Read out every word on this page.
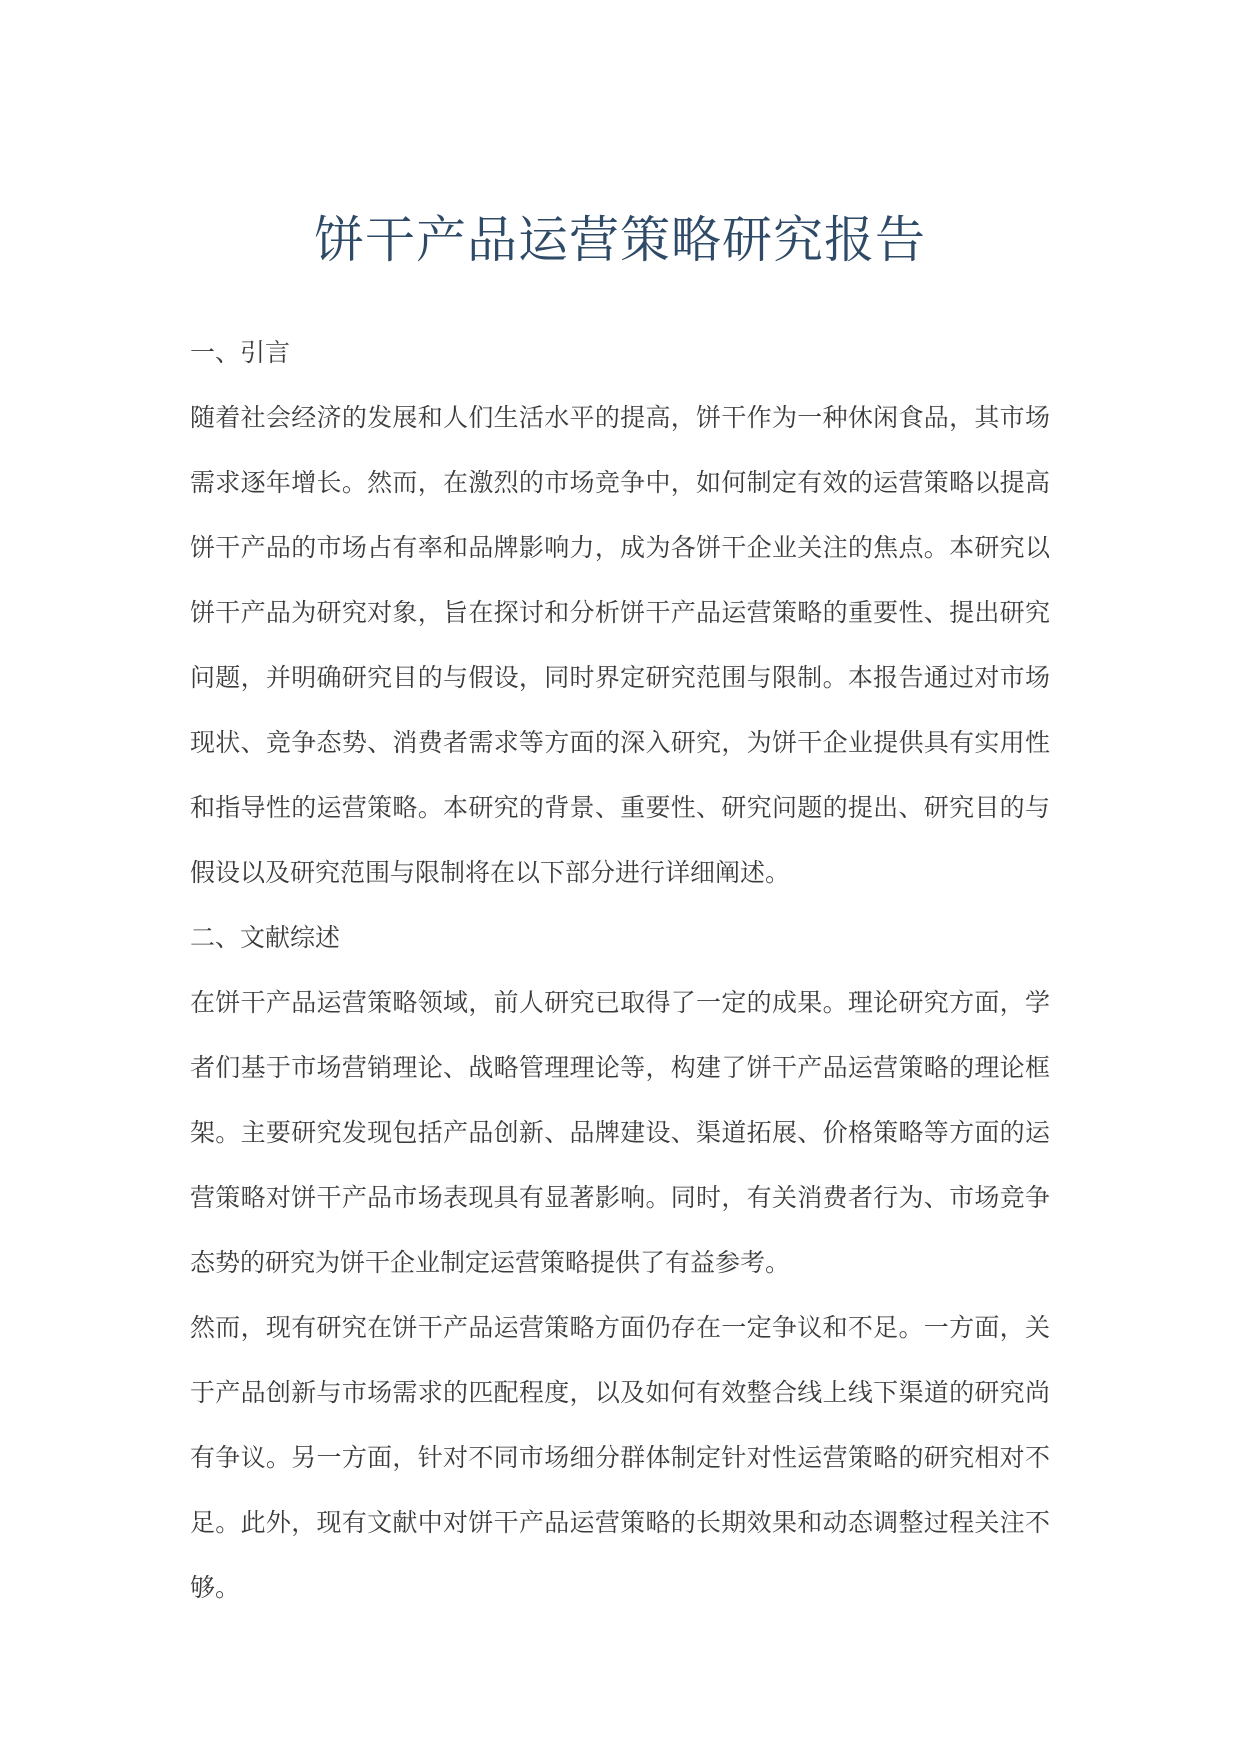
饼干产品运营策略研究报告
一、引言

随着社会经济的发展和人们生活水平的提高，饼干作为一种休闲食品，其市场需求逐年增长。然而，在激烈的市场竞争中，如何制定有效的运营策略以提高饼干产品的市场占有率和品牌影响力，成为各饼干企业关注的焦点。本研究以饼干产品为研究对象，旨在探讨和分析饼干产品运营策略的重要性、提出研究问题，并明确研究目的与假设，同时界定研究范围与限制。本报告通过对市场现状、竞争态势、消费者需求等方面的深入研究，为饼干企业提供具有实用性和指导性的运营策略。本研究的背景、重要性、研究问题的提出、研究目的与假设以及研究范围与限制将在以下部分进行详细阐述。

二、文献综述

在饼干产品运营策略领域，前人研究已取得了一定的成果。理论研究方面，学者们基于市场营销理论、战略管理理论等，构建了饼干产品运营策略的理论框架。主要研究发现包括产品创新、品牌建设、渠道拓展、价格策略等方面的运营策略对饼干产品市场表现具有显著影响。同时，有关消费者行为、市场竞争态势的研究为饼干企业制定运营策略提供了有益参考。

然而，现有研究在饼干产品运营策略方面仍存在一定争议和不足。一方面，关于产品创新与市场需求的匹配程度，以及如何有效整合线上线下渠道的研究尚有争议。另一方面，针对不同市场细分群体制定针对性运营策略的研究相对不足。此外，现有文献中对饼干产品运营策略的长期效果和动态调整过程关注不够。
